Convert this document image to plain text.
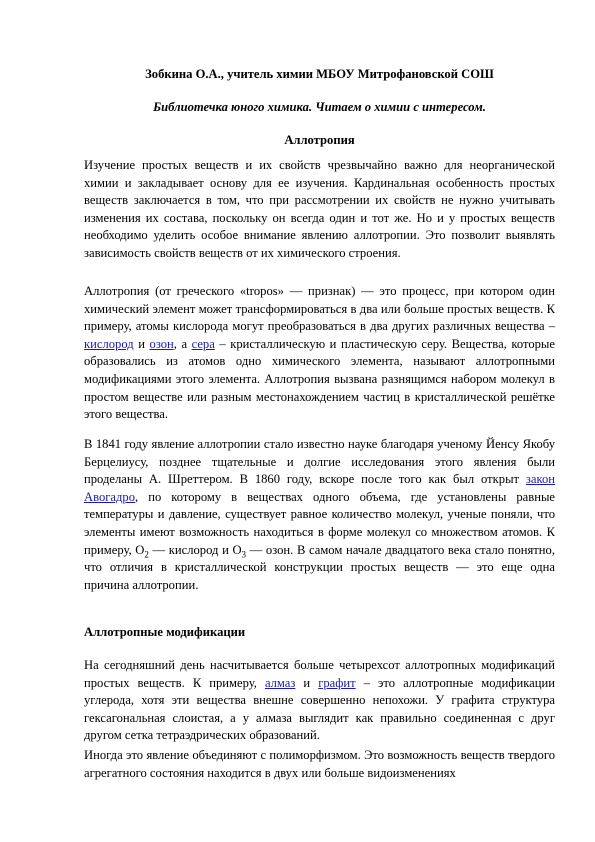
Зобкина О.А., учитель химии МБОУ Митрофановской СОШ
Библиотечка юного химика. Читаем о химии с интересом.
Аллотропия

Изучение простых веществ и их свойств чрезвычайно важно для неорганической химии и закладывает основу для ее изучения. Кардинальная особенность простых веществ заключается в том, что при рассмотрении их свойств не нужно учитывать изменения их состава, поскольку он всегда один и тот же. Но и у простых веществ необходимо уделить особое внимание явлению аллотропии. Это позволит выявлять зависимость свойств веществ от их химического строения.

Аллотропия (от греческого «tropos» — признак) — это процесс, при котором один химический элемент может трансформироваться в два или больше простых веществ. К примеру, атомы кислорода могут преобразоваться в два других различных вещества – кислород и озон, а сера – кристаллическую и пластическую серу. Вещества, которые образовались из атомов одно химического элемента, называют аллотропными модификациями этого элемента. Аллотропия вызвана разнящимся набором молекул в простом веществе или разным местонахождением частиц в кристаллической решётке этого вещества.

В 1841 году явление аллотропии стало известно науке благодаря ученому Йенсу Якобу Берцелиусу, позднее тщательные и долгие исследования этого явления были проделаны А. Шреттером. В 1860 году, вскоре после того как был открыт закон Авогадро, по которому в веществах одного объема, где установлены равные температуры и давление, существует равное количество молекул, ученые поняли, что элементы имеют возможность находиться в форме молекул со множеством атомов. К примеру, $O_2$ — кислород и $O_3$ — озон. В самом начале двадцатого века стало понятно, что отличия в кристаллической конструкции простых веществ — это еще одна причина аллотропии.

Аллотропные модификации

На сегодняшний день насчитывается больше четырехсот аллотропных модификаций простых веществ. К примеру, алмаз и графит – это аллотропные модификации углерода, хотя эти вещества внешне совершенно непохожи. У графита структура гексагональная слоистая, а у алмаза выглядит как правильно соединенная с друг другом сетка тетраэдрических образований.

Иногда это явление объединяют с полиморфизмом. Это возможность веществ твердого агрегатного состояния находится в двух или больше видоизменениях
